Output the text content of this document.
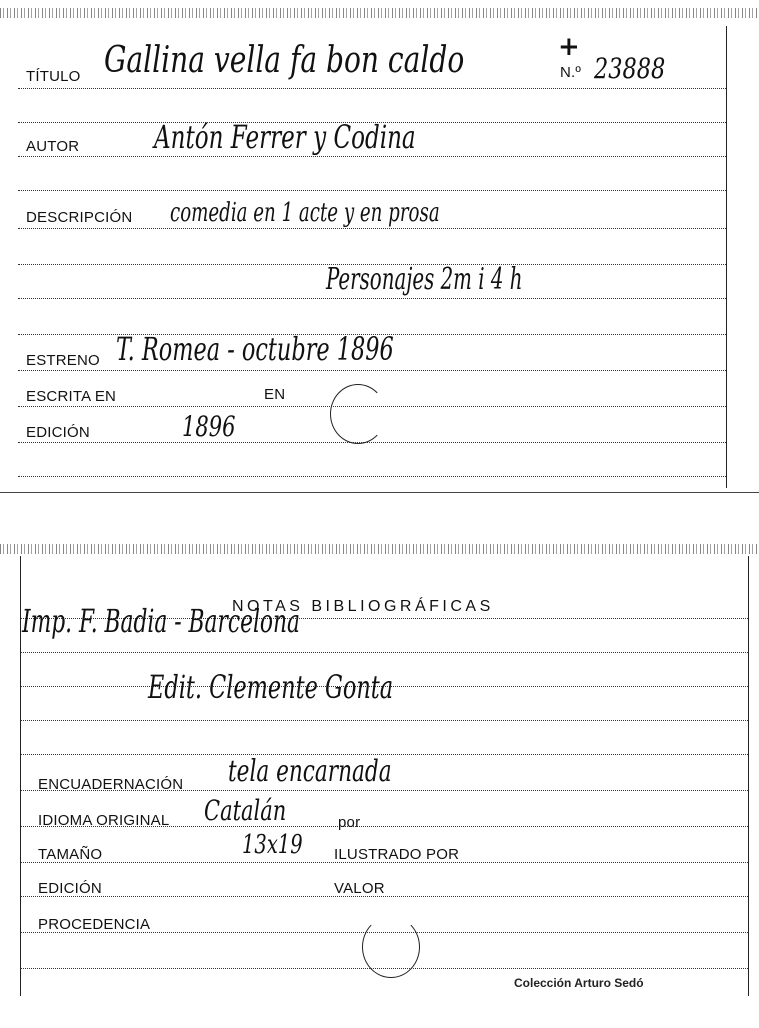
TÍTULO Gallina vella fa bon caldo	+
N.º 23888
AUTOR Antón Ferrer y Codina
DESCRIPCIÓN comedia en 1 acte y en prosa
Personajes 2m i 4 h
ESTRENO T. Romea - octubre 1896
ESCRITA EN	EN
EDICIÓN	1896
NOTAS BIBLIOGRÁFICAS
Imp. F. Badia - Barcelona
Edit. Clemente Gonta
ENCUADERNACIÓN tela encarnada
IDIOMA ORIGINAL Catalán	por
TAMAÑO	13x19 ILUSTRADO POR
EDICIÓN	VALOR
PROCEDENCIA
Colección Arturo Sedó
